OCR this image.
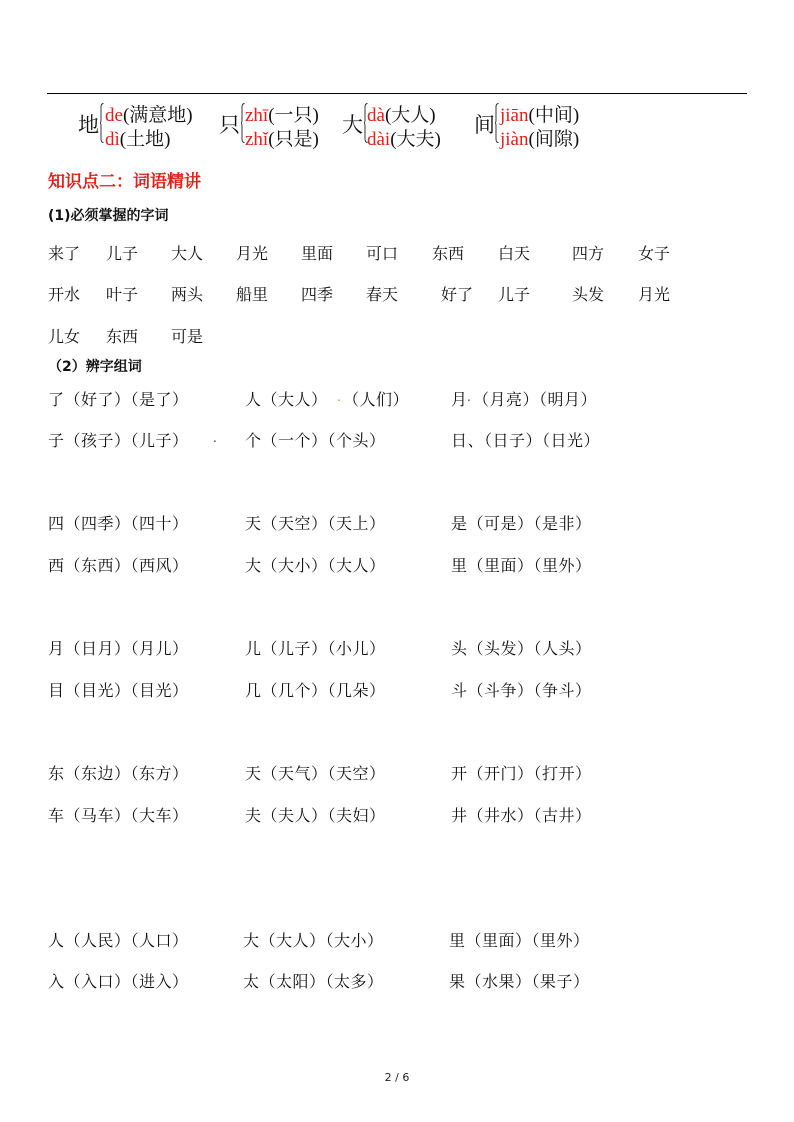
地 de(满意地)
dì(土地)
只 zhī(一只)
zhǐ(只是)
大 dà(大人)
dài(大夫)
间 jiān(中间)
jiàn(间隙)
知识点二：词语精讲
(1)必须掌握的字词
来了 儿子 大人 月光 里面 可口 东西 白天	四方 女子
开水 叶子 两头 船里 四季 春天	好了 儿子	头发 月光
儿女 东西 可是
（2）辨字组词
了（好了）（是了）	人（大人） . （人们）	月 . （月亮）（明月）
子（孩子）（儿子） . 个（一个）（个头）	日、（日子）（日光）
四（四季）（四十）	天（天空）（天上）	是（可是）（是非）
西（东西）（西风）	大（大小）（大人）	里（里面）（里外）
月（日月）（月儿）	儿（儿子）（小儿）	头（头发）（人头）
目（目光）（目光）	几（几个）（几朵）	斗（斗争）（争斗）
东（东边）（东方）	天（天气）（天空）	开（开门）（打开）
车（马车）（大车）	夫（夫人）（夫妇）	井（井水）（古井）
人（人民）（人口）	大（大人）（大小）	里（里面）（里外）
入（入口）（进入）	太（太阳）（太多）	果（水果）（果子）
2 / 6
